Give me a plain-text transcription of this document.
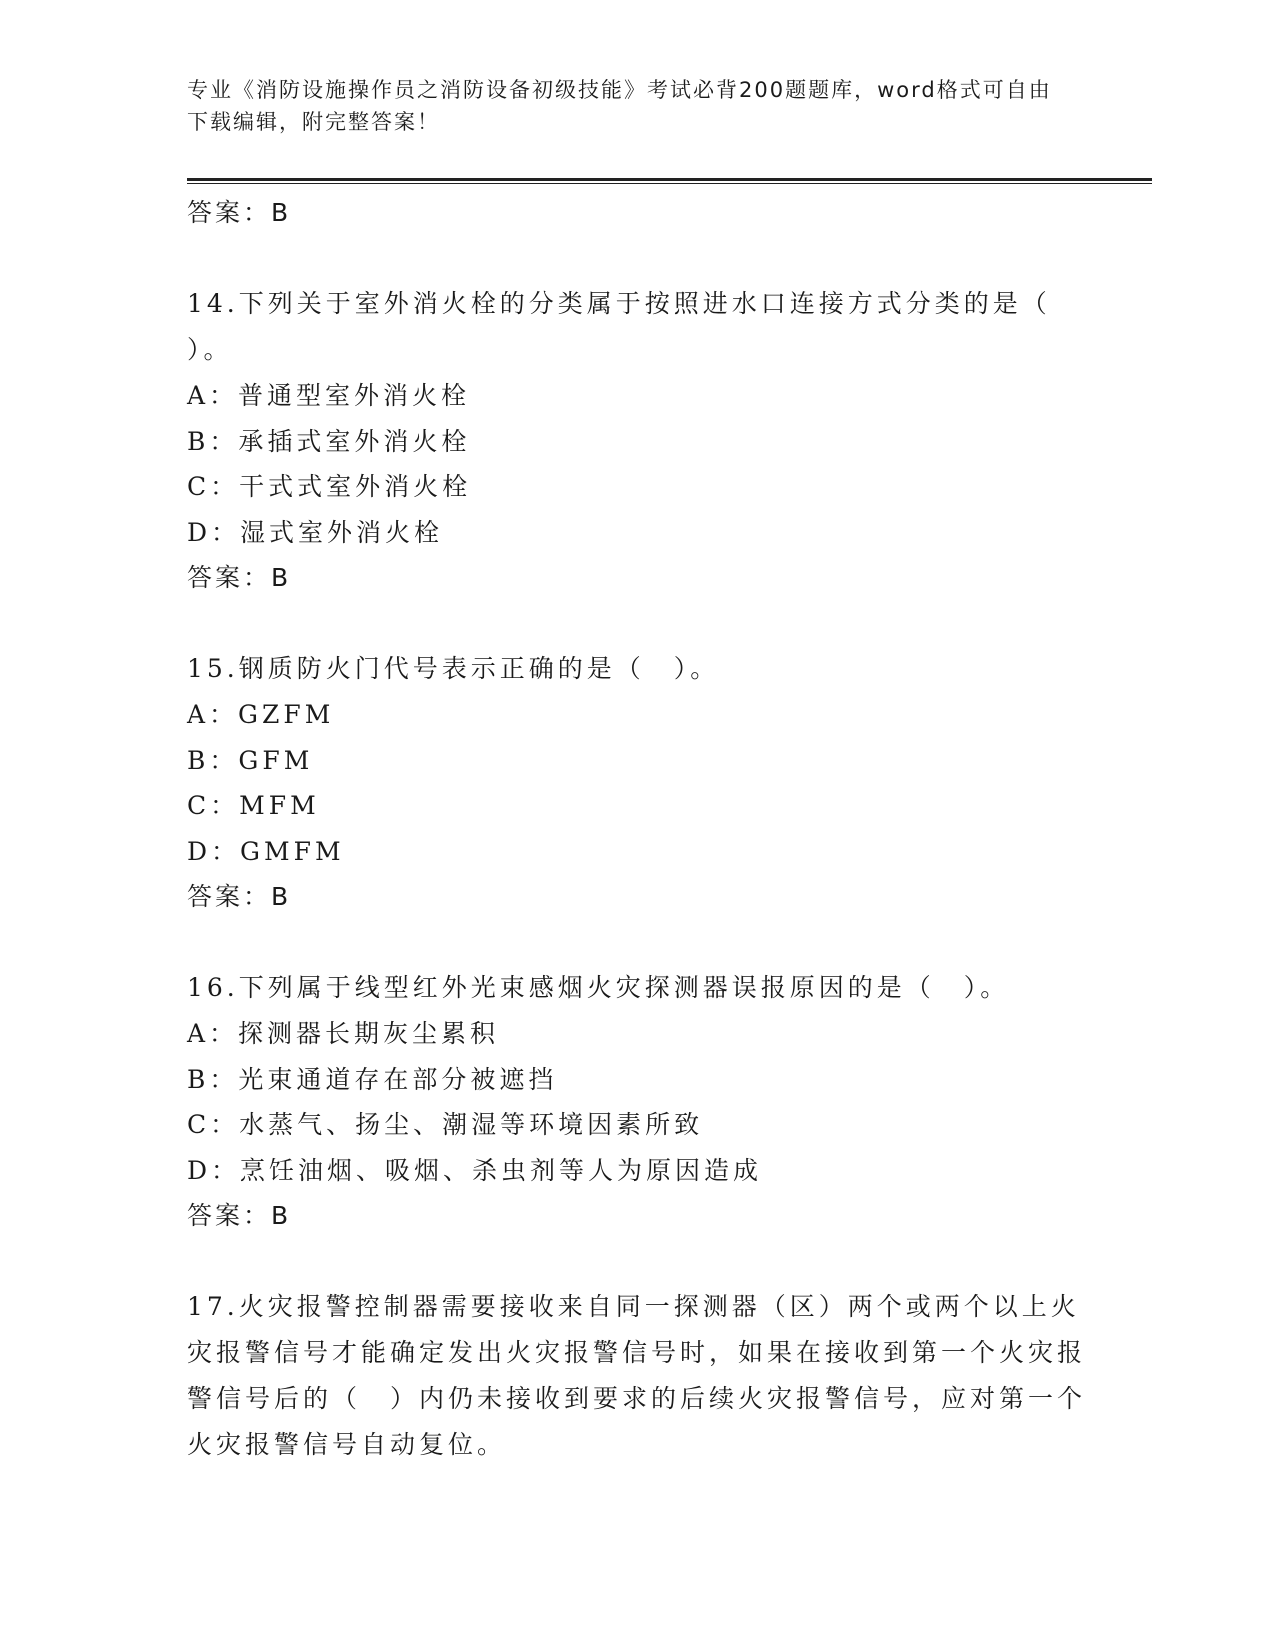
专业《消防设施操作员之消防设备初级技能》考试必背200题题库，word格式可自由下载编辑，附完整答案！
答案：B
14.下列关于室外消火栓的分类属于按照进水口连接方式分类的是（ ）。
A：普通型室外消火栓
B：承插式室外消火栓
C：干式式室外消火栓
D：湿式室外消火栓
答案：B
15.钢质防火门代号表示正确的是（　）。
A：GZFM
B：GFM
C：MFM
D：GMFM
答案：B
16.下列属于线型红外光束感烟火灾探测器误报原因的是（　）。
A：探测器长期灰尘累积
B：光束通道存在部分被遮挡
C：水蒸气、扬尘、潮湿等环境因素所致
D：烹饪油烟、吸烟、杀虫剂等人为原因造成
答案：B
17.火灾报警控制器需要接收来自同一探测器（区）两个或两个以上火灾报警信号才能确定发出火灾报警信号时，如果在接收到第一个火灾报警信号后的（　）内仍未接收到要求的后续火灾报警信号，应对第一个火灾报警信号自动复位。
